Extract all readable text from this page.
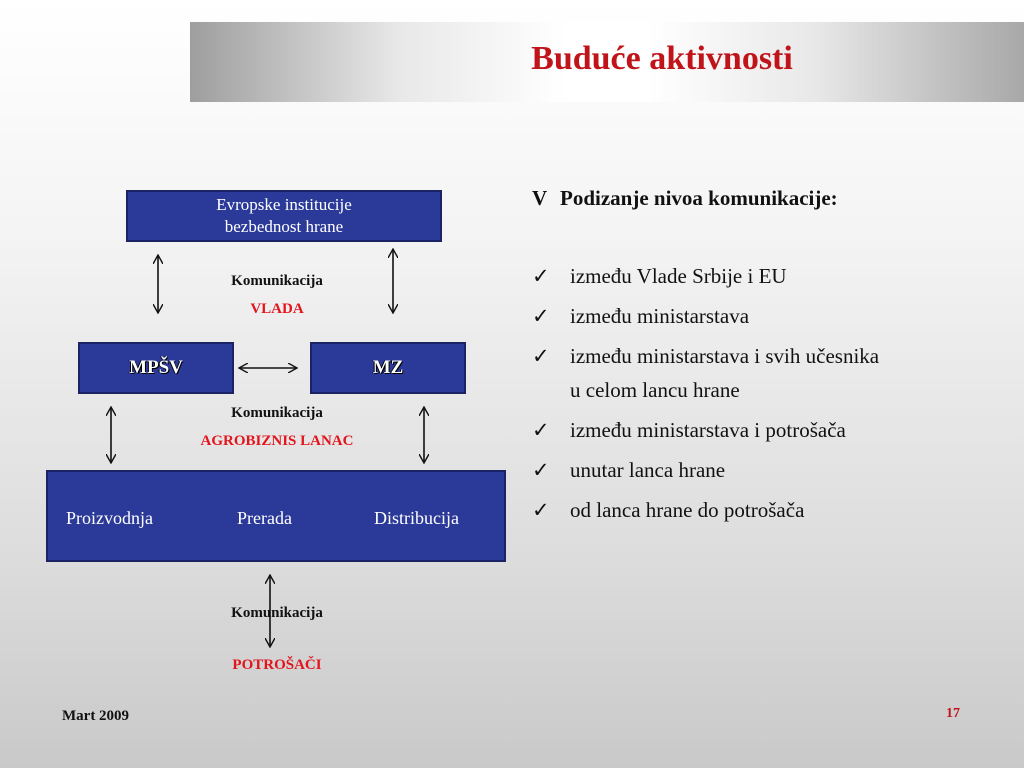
Buduće aktivnosti
Evropske institucije
bezbednost hrane
Komunikacija
VLADA
MPŠV	MZ
Komunikacija
AGROBIZNIS LANAC
Proizvodnja	Prerada	Distribucija
Komunikacija
POTROŠAČI
V Podizanje nivoa komunikacije:
✓ između Vlade Srbije i EU
✓ između ministarstava
✓ između ministarstava i svih učesnika u celom lancu hrane
✓ između ministarstava i potrošača
✓ unutar lanca hrane
✓ od lanca hrane do potrošača
Mart 2009	17
